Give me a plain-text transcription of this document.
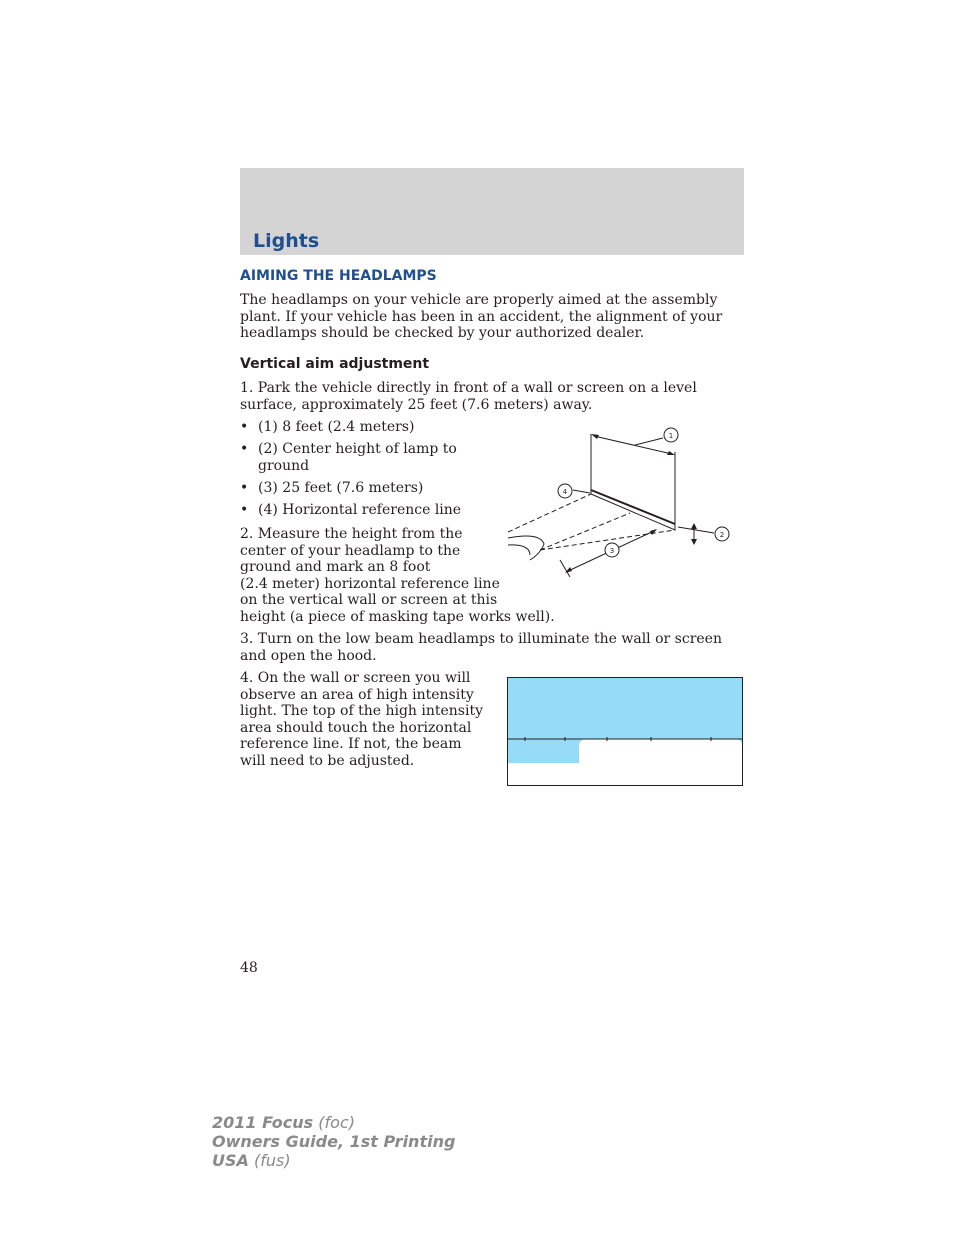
Lights
AIMING THE HEADLAMPS

The headlamps on your vehicle are properly aimed at the assembly plant. If your vehicle has been in an accident, the alignment of your headlamps should be checked by your authorized dealer.

Vertical aim adjustment

1. Park the vehicle directly in front of a wall or screen on a level surface, approximately 25 feet (7.6 meters) away.

• (1) 8 feet (2.4 meters)
• (2) Center height of lamp to ground
• (3) 25 feet (7.6 meters)
• (4) Horizontal reference line

2. Measure the height from the
center of your headlamp to the
ground and mark an 8 foot
(2.4 meter) horizontal reference line
on the vertical wall or screen at this
height (a piece of masking tape works well).

1
2
3
4

3. Turn on the low beam headlamps to illuminate the wall or screen and open the hood.

4. On the wall or screen you will observe an area of high intensity light. The top of the high intensity area should touch the horizontal reference line. If not, the beam will need to be adjusted.

48

2011 Focus (foc)
Owners Guide, 1st Printing
USA (fus)
